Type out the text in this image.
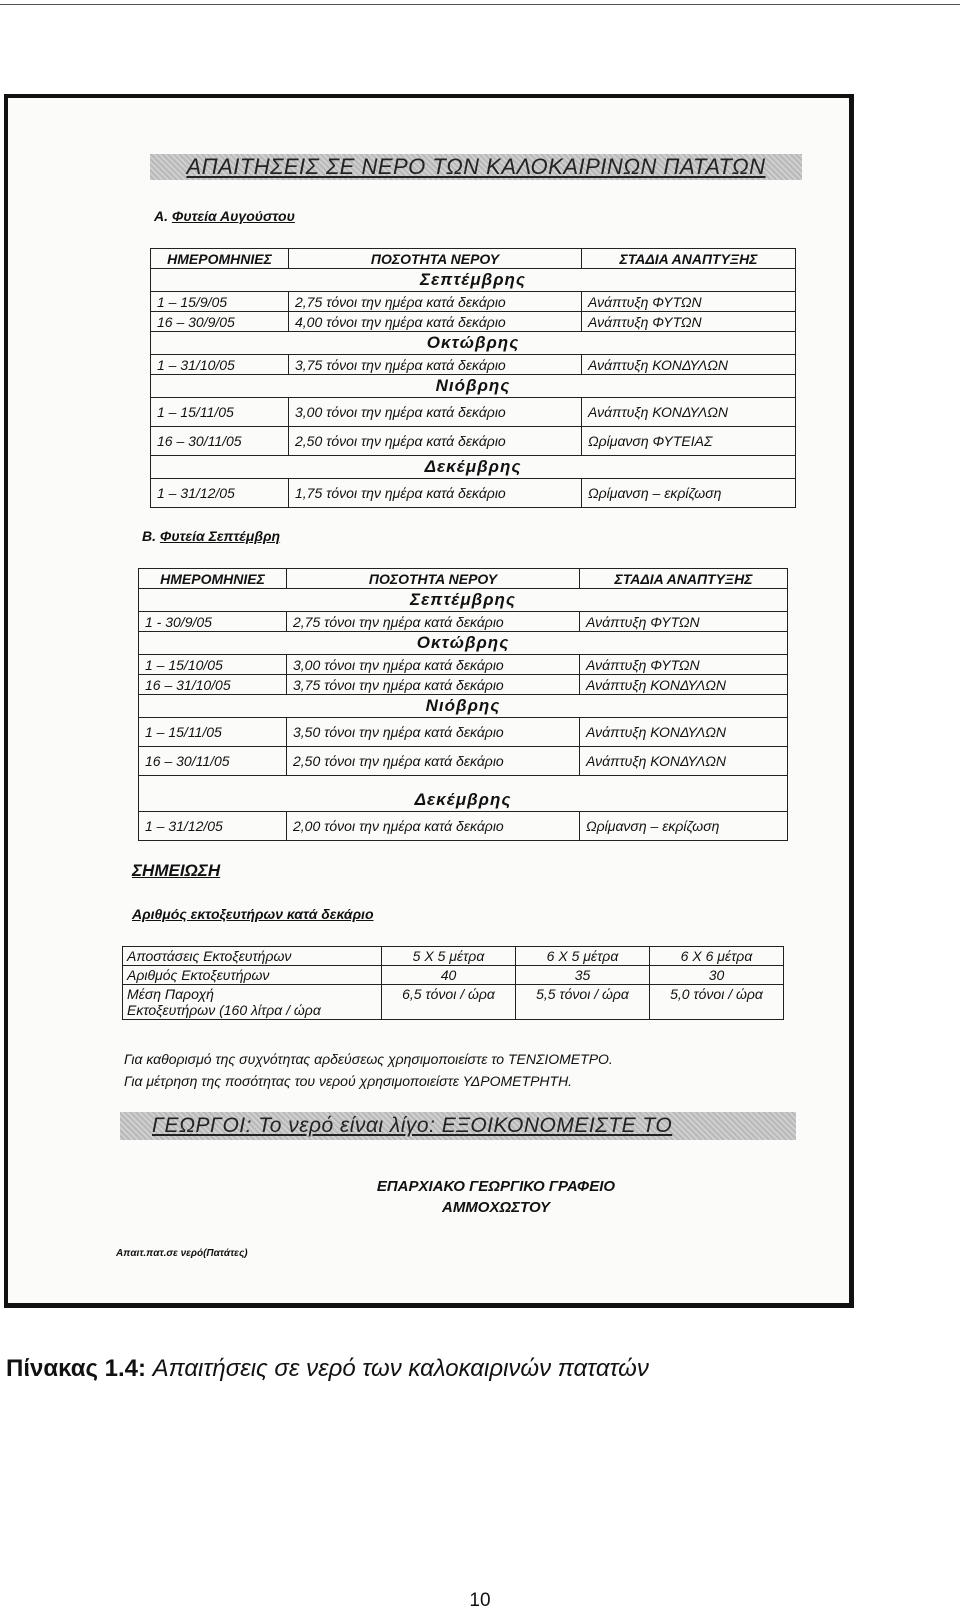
ΑΠΑΙΤΗΣΕΙΣ ΣΕ ΝΕΡΟ ΤΩΝ ΚΑΛΟΚΑΙΡΙΝΩΝ ΠΑΤΑΤΩΝ
Α. Φυτεία Αυγούστου
ΗΜΕΡΟΜΗΝΙΕΣ	ΠΟΣΟΤΗΤΑ ΝΕΡΟΥ	ΣΤΑΔΙΑ ΑΝΑΠΤΥΞΗΣ
Σεπτέμβρης		
1 – 15/9/05	2,75 τόνοι την ημέρα κατά δεκάριο	Ανάπτυξη ΦΥΤΩΝ
16 – 30/9/05	4,00 τόνοι την ημέρα κατά δεκάριο	Ανάπτυξη ΦΥΤΩΝ
Οκτώβρης		
1 – 31/10/05	3,75 τόνοι την ημέρα κατά δεκάριο	Ανάπτυξη ΚΟΝΔΥΛΩΝ
Νιόβρης		
1 – 15/11/05	3,00 τόνοι την ημέρα κατά δεκάριο	Ανάπτυξη ΚΟΝΔΥΛΩΝ
16 – 30/11/05	2,50 τόνοι την ημέρα κατά δεκάριο	Ωρίμανση ΦΥΤΕΙΑΣ
Δεκέμβρης		
1 – 31/12/05	1,75 τόνοι την ημέρα κατά δεκάριο	Ωρίμανση – εκρίζωση
Β. Φυτεία Σεπτέμβρη
ΗΜΕΡΟΜΗΝΙΕΣ	ΠΟΣΟΤΗΤΑ ΝΕΡΟΥ	ΣΤΑΔΙΑ ΑΝΑΠΤΥΞΗΣ
Σεπτέμβρης		
1 - 30/9/05	2,75 τόνοι την ημέρα κατά δεκάριο	Ανάπτυξη ΦΥΤΩΝ
Οκτώβρης		
1 – 15/10/05	3,00 τόνοι την ημέρα κατά δεκάριο	Ανάπτυξη ΦΥΤΩΝ
16 – 31/10/05	3,75 τόνοι την ημέρα κατά δεκάριο	Ανάπτυξη ΚΟΝΔΥΛΩΝ
Νιόβρης		
1 – 15/11/05	3,50 τόνοι την ημέρα κατά δεκάριο	Ανάπτυξη ΚΟΝΔΥΛΩΝ
16 – 30/11/05	2,50 τόνοι την ημέρα κατά δεκάριο	Ανάπτυξη ΚΟΝΔΥΛΩΝ
Δεκέμβρης		
1 – 31/12/05	2,00 τόνοι την ημέρα κατά δεκάριο	Ωρίμανση – εκρίζωση
ΣΗΜΕΙΩΣΗ
Αριθμός εκτοξευτήρων κατά δεκάριο
Αποστάσεις Εκτοξευτήρων	5 Χ 5 μέτρα	6 Χ 5 μέτρα	6 Χ 6 μέτρα
Αριθμός Εκτοξευτήρων	40	35	30

Μέση Παροχή
Εκτοξευτήρων (160 λίτρα / ώρα	6,5 τόνοι / ώρα	5,5 τόνοι / ώρα	5,0 τόνοι / ώρα
Για καθορισμό της συχνότητας αρδεύσεως χρησιμοποιείστε το ΤΕΝΣΙΟΜΕΤΡΟ.
Για μέτρηση της ποσότητας του νερού χρησιμοποιείστε ΥΔΡΟΜΕΤΡΗΤΗ.
ΓΕΩΡΓΟΙ: Το νερό είναι λίγο: ΕΞΟΙΚΟΝΟΜΕΙΣΤΕ ΤΟ
ΕΠΑΡΧΙΑΚΟ ΓΕΩΡΓΙΚΟ ΓΡΑΦΕΙΟ
ΑΜΜΟΧΩΣΤΟΥ
Απαιτ.πατ.σε νερό(Πατάτες)
Πίνακας 1.4: Απαιτήσεις σε νερό των καλοκαιρινών πατατών
10
